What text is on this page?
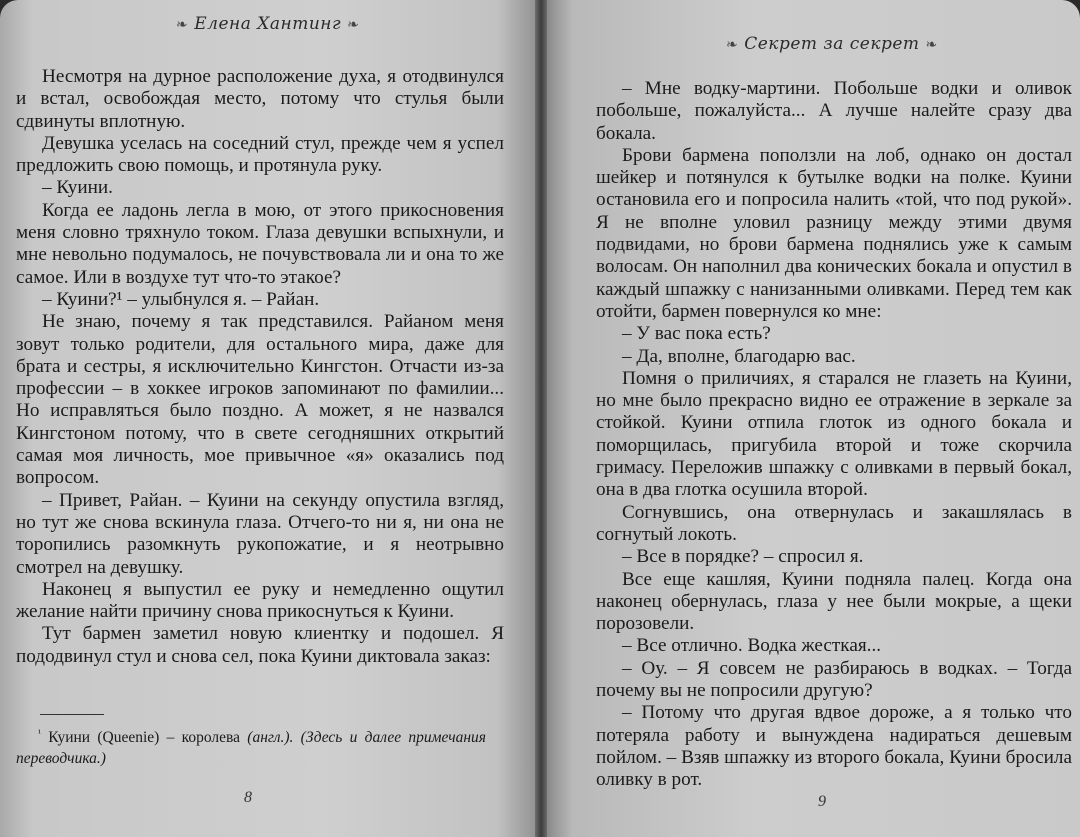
❧ Елена Хантинг ❧

Несмотря на дурное расположение духа, я отодвинулся и встал, освобождая место, потому что стулья были сдвинуты вплотную.

Девушка уселась на соседний стул, прежде чем я успел предложить свою помощь, и протянула руку.

– Куини.

Когда ее ладонь легла в мою, от этого прикосновения меня словно тряхнуло током. Глаза девушки вспыхнули, и мне невольно подумалось, не почувствовала ли и она то же самое. Или в воздухе тут что-то этакое?

– Куини?¹ – улыбнулся я. – Райан.

Не знаю, почему я так представился. Райаном меня зовут только родители, для остального мира, даже для брата и сестры, я исключительно Кингстон. Отчасти из-за профессии – в хоккее игроков запоминают по фамилии... Но исправляться было поздно. А может, я не назвался Кингстоном потому, что в свете сегодняшних открытий самая моя личность, мое привычное «я» оказались под вопросом.

– Привет, Райан. – Куини на секунду опустила взгляд, но тут же снова вскинула глаза. Отчего-то ни я, ни она не торопились разомкнуть рукопожатие, и я неотрывно смотрел на девушку.

Наконец я выпустил ее руку и немедленно ощутил желание найти причину снова прикоснуться к Куини.

Тут бармен заметил новую клиентку и подошел. Я пододвинул стул и снова сел, пока Куини диктовала заказ:

$^{^1}$ Куини (Queenie) – королева (англ.). (Здесь и далее примечания переводчика.)
8
❧ Секрет за секрет ❧

– Мне водку-мартини. Побольше водки и оливок побольше, пожалуйста... А лучше налейте сразу два бокала.

Брови бармена поползли на лоб, однако он достал шейкер и потянулся к бутылке водки на полке. Куини остановила его и попросила налить «той, что под рукой». Я не вполне уловил разницу между этими двумя подвидами, но брови бармена поднялись уже к самым волосам. Он наполнил два конических бокала и опустил в каждый шпажку с нанизанными оливками. Перед тем как отойти, бармен повернулся ко мне:

– У вас пока есть?

– Да, вполне, благодарю вас.

Помня о приличиях, я старался не глазеть на Куини, но мне было прекрасно видно ее отражение в зеркале за стойкой. Куини отпила глоток из одного бокала и поморщилась, пригубила второй и тоже скорчила гримасу. Переложив шпажку с оливками в первый бокал, она в два глотка осушила второй.

Согнувшись, она отвернулась и закашлялась в согнутый локоть.

– Все в порядке? – спросил я.

Все еще кашляя, Куини подняла палец. Когда она наконец обернулась, глаза у нее были мокрые, а щеки порозовели.

– Все отлично. Водка жесткая...

– Оу. – Я совсем не разбираюсь в водках. – Тогда почему вы не попросили другую?

– Потому что другая вдвое дороже, а я только что потеряла работу и вынуждена надираться дешевым пойлом. – Взяв шпажку из второго бокала, Куини бросила оливку в рот.

9
